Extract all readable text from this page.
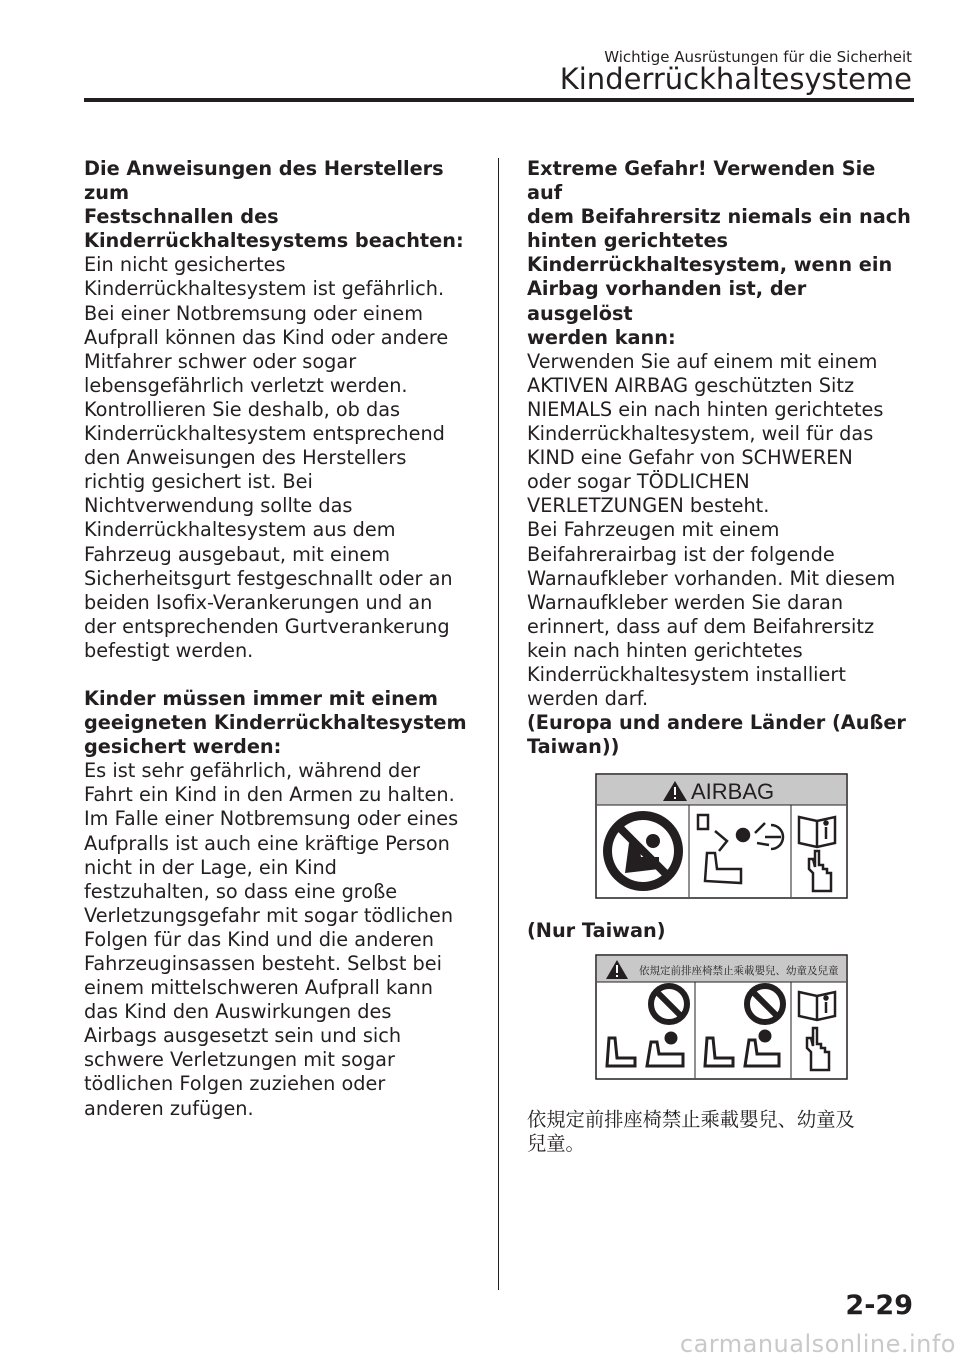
Wichtige Ausrüstungen für die Sicherheit
Kinderrückhaltesysteme

Die Anweisungen des Herstellers zum
Festschnallen des
Kinderrückhaltesystems beachten:

Ein nicht gesichertes
Kinderrückhaltesystem ist gefährlich.
Bei einer Notbremsung oder einem
Aufprall können das Kind oder andere
Mitfahrer schwer oder sogar
lebensgefährlich verletzt werden.
Kontrollieren Sie deshalb, ob das
Kinderrückhaltesystem entsprechend
den Anweisungen des Herstellers
richtig gesichert ist. Bei
Nichtverwendung sollte das
Kinderrückhaltesystem aus dem
Fahrzeug ausgebaut, mit einem
Sicherheitsgurt festgeschnallt oder an
beiden Isofix-Verankerungen und an
der entsprechenden Gurtverankerung
befestigt werden.

Kinder müssen immer mit einem
geeigneten Kinderrückhaltesystem
gesichert werden:

Es ist sehr gefährlich, während der
Fahrt ein Kind in den Armen zu halten.
Im Falle einer Notbremsung oder eines
Aufpralls ist auch eine kräftige Person
nicht in der Lage, ein Kind
festzuhalten, so dass eine große
Verletzungsgefahr mit sogar tödlichen
Folgen für das Kind und die anderen
Fahrzeuginsassen besteht. Selbst bei
einem mittelschweren Aufprall kann
das Kind den Auswirkungen des
Airbags ausgesetzt sein und sich
schwere Verletzungen mit sogar
tödlichen Folgen zuziehen oder
anderen zufügen.

Extreme Gefahr! Verwenden Sie auf
dem Beifahrersitz niemals ein nach
hinten gerichtetes
Kinderrückhaltesystem, wenn ein
Airbag vorhanden ist, der ausgelöst
werden kann:

Verwenden Sie auf einem mit einem
AKTIVEN AIRBAG geschützten Sitz
NIEMALS ein nach hinten gerichtetes
Kinderrückhaltesystem, weil für das
KIND eine Gefahr von SCHWEREN
oder sogar TÖDLICHEN
VERLETZUNGEN besteht.
Bei Fahrzeugen mit einem
Beifahrerairbag ist der folgende
Warnaufkleber vorhanden. Mit diesem
Warnaufkleber werden Sie daran
erinnert, dass auf dem Beifahrersitz
kein nach hinten gerichtetes
Kinderrückhaltesystem installiert
werden darf.

(Europa und andere Länder (Außer
Taiwan))

AIRBAG

(Nur Taiwan)

依規定前排座椅禁止乘載嬰兒、幼童及兒童

依規定前排座椅禁止乘載嬰兒、幼童及
兒童。

2-29
carmanualsonline.info
